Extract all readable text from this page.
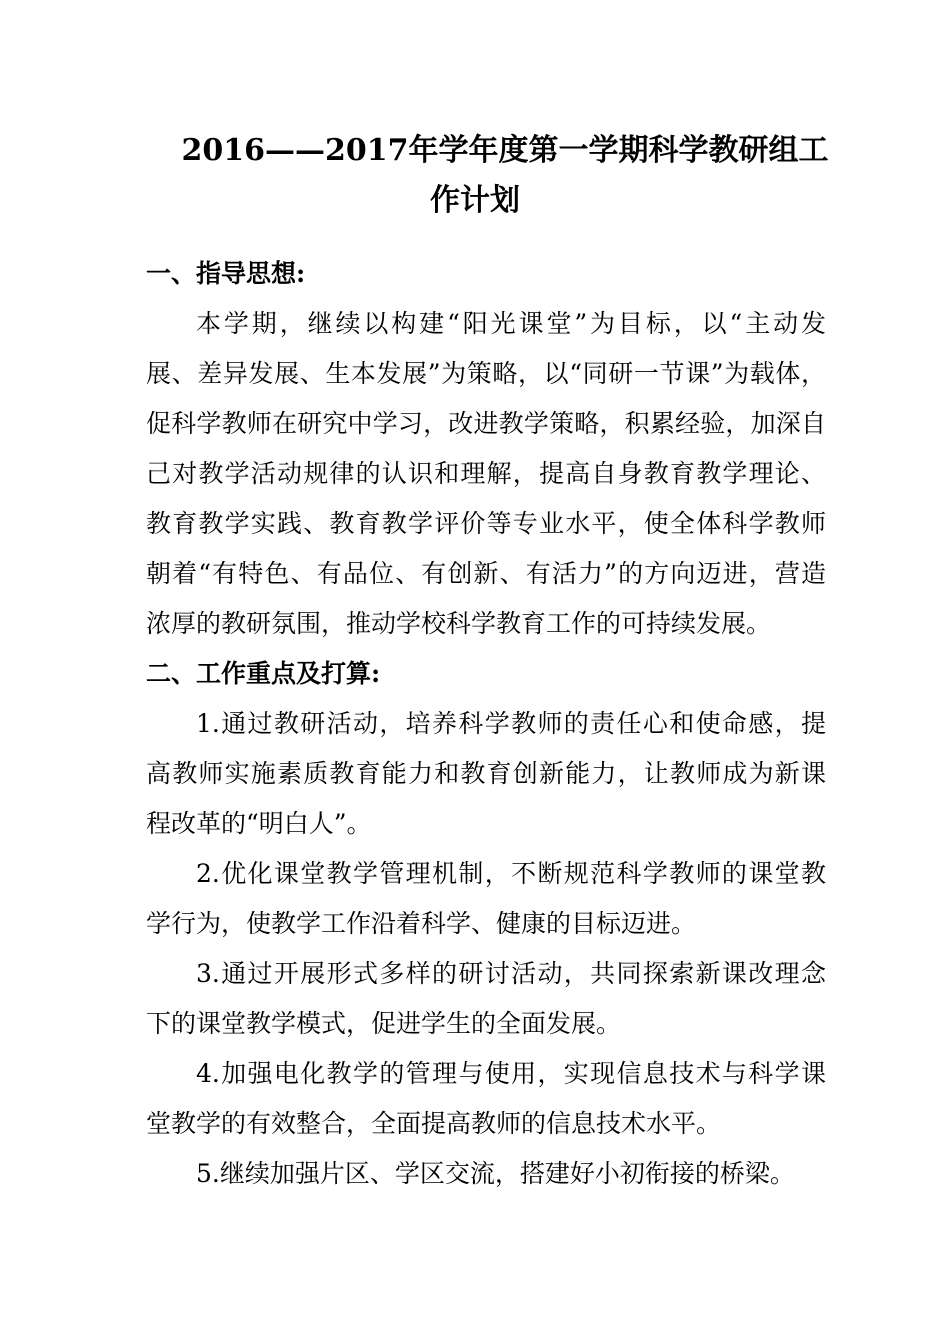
2016——2017年学年度第一学期科学教研组工
作计划
一、指导思想:
本学期，继续以构建“阳光课堂”为目标，以“主动发
展、差异发展、生本发展”为策略，以“同研一节课”为载体，
促科学教师在研究中学习，改进教学策略，积累经验，加深自
己对教学活动规律的认识和理解，提高自身教育教学理论、
教育教学实践、教育教学评价等专业水平，使全体科学教师
朝着“有特色、有品位、有创新、有活力”的方向迈进，营造
浓厚的教研氛围，推动学校科学教育工作的可持续发展。
二、工作重点及打算:
1.通过教研活动，培养科学教师的责任心和使命感，提
高教师实施素质教育能力和教育创新能力，让教师成为新课
程改革的“明白人”。
2.优化课堂教学管理机制，不断规范科学教师的课堂教
学行为，使教学工作沿着科学、健康的目标迈进。
3.通过开展形式多样的研讨活动，共同探索新课改理念
下的课堂教学模式，促进学生的全面发展。
4.加强电化教学的管理与使用，实现信息技术与科学课
堂教学的有效整合，全面提高教师的信息技术水平。
5.继续加强片区、学区交流，搭建好小初衔接的桥梁。
